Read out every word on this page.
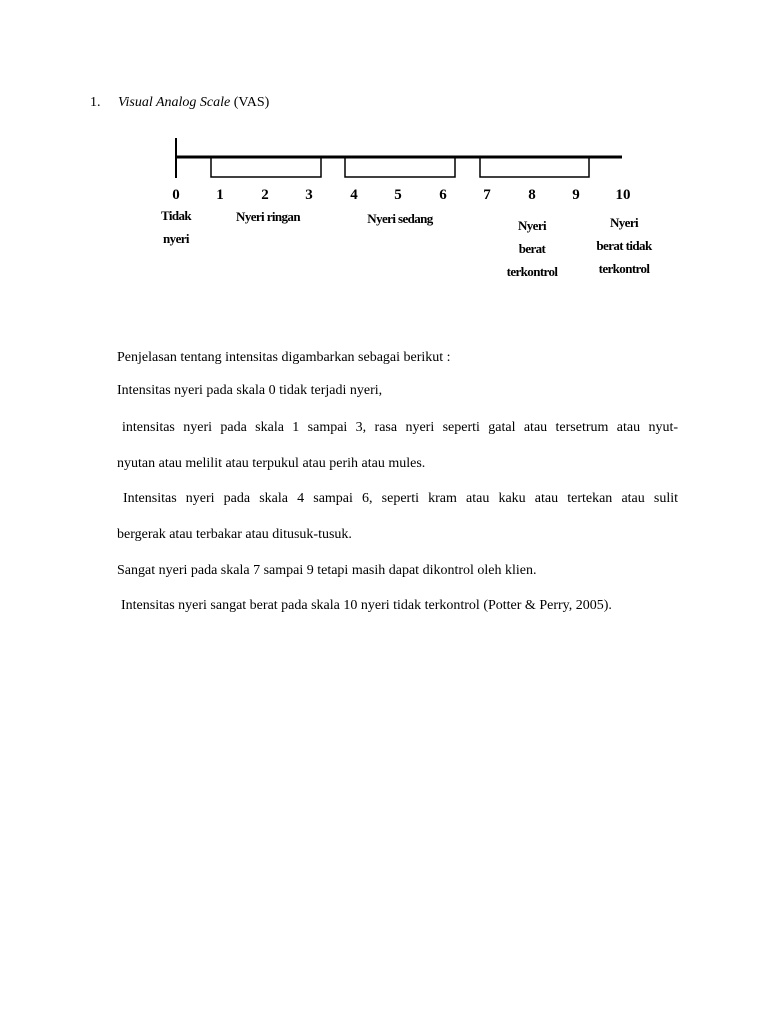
1. Visual Analog Scale (VAS)
0	1	2	3	4	5	6	7	8	9	10
Tidak
nyeri
Nyeri ringan	Nyeri sedang	Nyeri
berat
terkontrol
Nyeri
berat tidak
terkontrol
Penjelasan tentang intensitas digambarkan sebagai berikut :
Intensitas nyeri pada skala 0 tidak terjadi nyeri,
intensitas nyeri pada skala 1 sampai 3, rasa nyeri seperti gatal atau tersetrum atau nyut-
nyutan atau melilit atau terpukul atau perih atau mules.
Intensitas nyeri pada skala 4 sampai 6, seperti kram atau kaku atau tertekan atau sulit
bergerak atau terbakar atau ditusuk-tusuk.
Sangat nyeri pada skala 7 sampai 9 tetapi masih dapat dikontrol oleh klien.
Intensitas nyeri sangat berat pada skala 10 nyeri tidak terkontrol (Potter & Perry, 2005).
